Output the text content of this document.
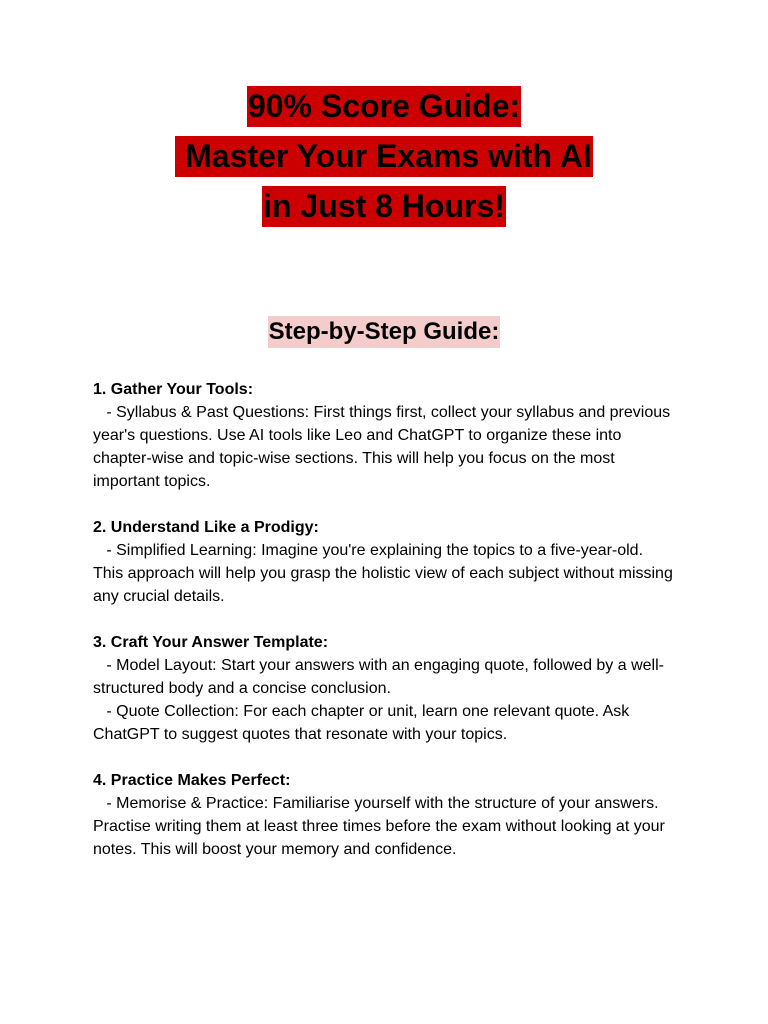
90% Score Guide:
Master Your Exams with AI
in Just 8 Hours!
Step-by-Step Guide:
1. Gather Your Tools:
- Syllabus & Past Questions: First things first, collect your syllabus and previous year's questions. Use AI tools like Leo and ChatGPT to organize these into chapter-wise and topic-wise sections. This will help you focus on the most important topics.
2. Understand Like a Prodigy:
- Simplified Learning: Imagine you're explaining the topics to a five-year-old. This approach will help you grasp the holistic view of each subject without missing any crucial details.
3. Craft Your Answer Template:
- Model Layout: Start your answers with an engaging quote, followed by a well-structured body and a concise conclusion.
- Quote Collection: For each chapter or unit, learn one relevant quote. Ask ChatGPT to suggest quotes that resonate with your topics.
4. Practice Makes Perfect:
- Memorise & Practice: Familiarise yourself with the structure of your answers. Practise writing them at least three times before the exam without looking at your notes. This will boost your memory and confidence.
